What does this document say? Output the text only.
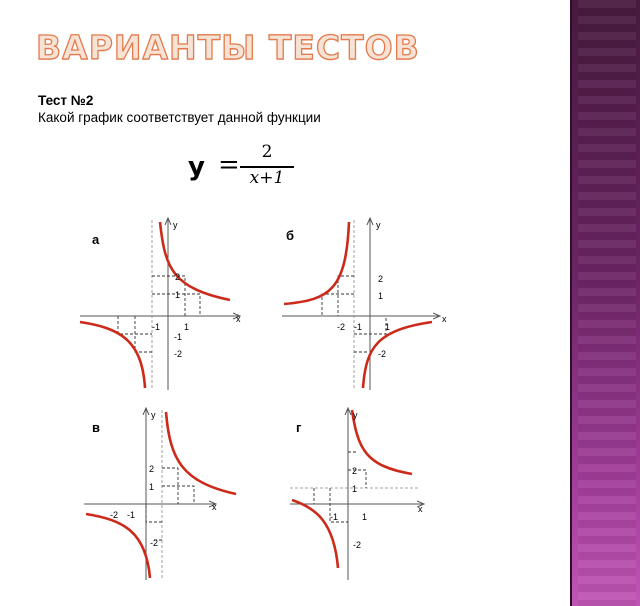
ВАРИАНТЫ ТЕСТОВ
Тест №2
Какой график соответствует данной функции
y =	2
x+1
а
x
y
2
1
-1	1
-1
-2
б
x
y
2
1
-2 -1	1
-2
в
x
y
2
1
-2 -1
-2
г
x
y
2
1
-1	1
-2
